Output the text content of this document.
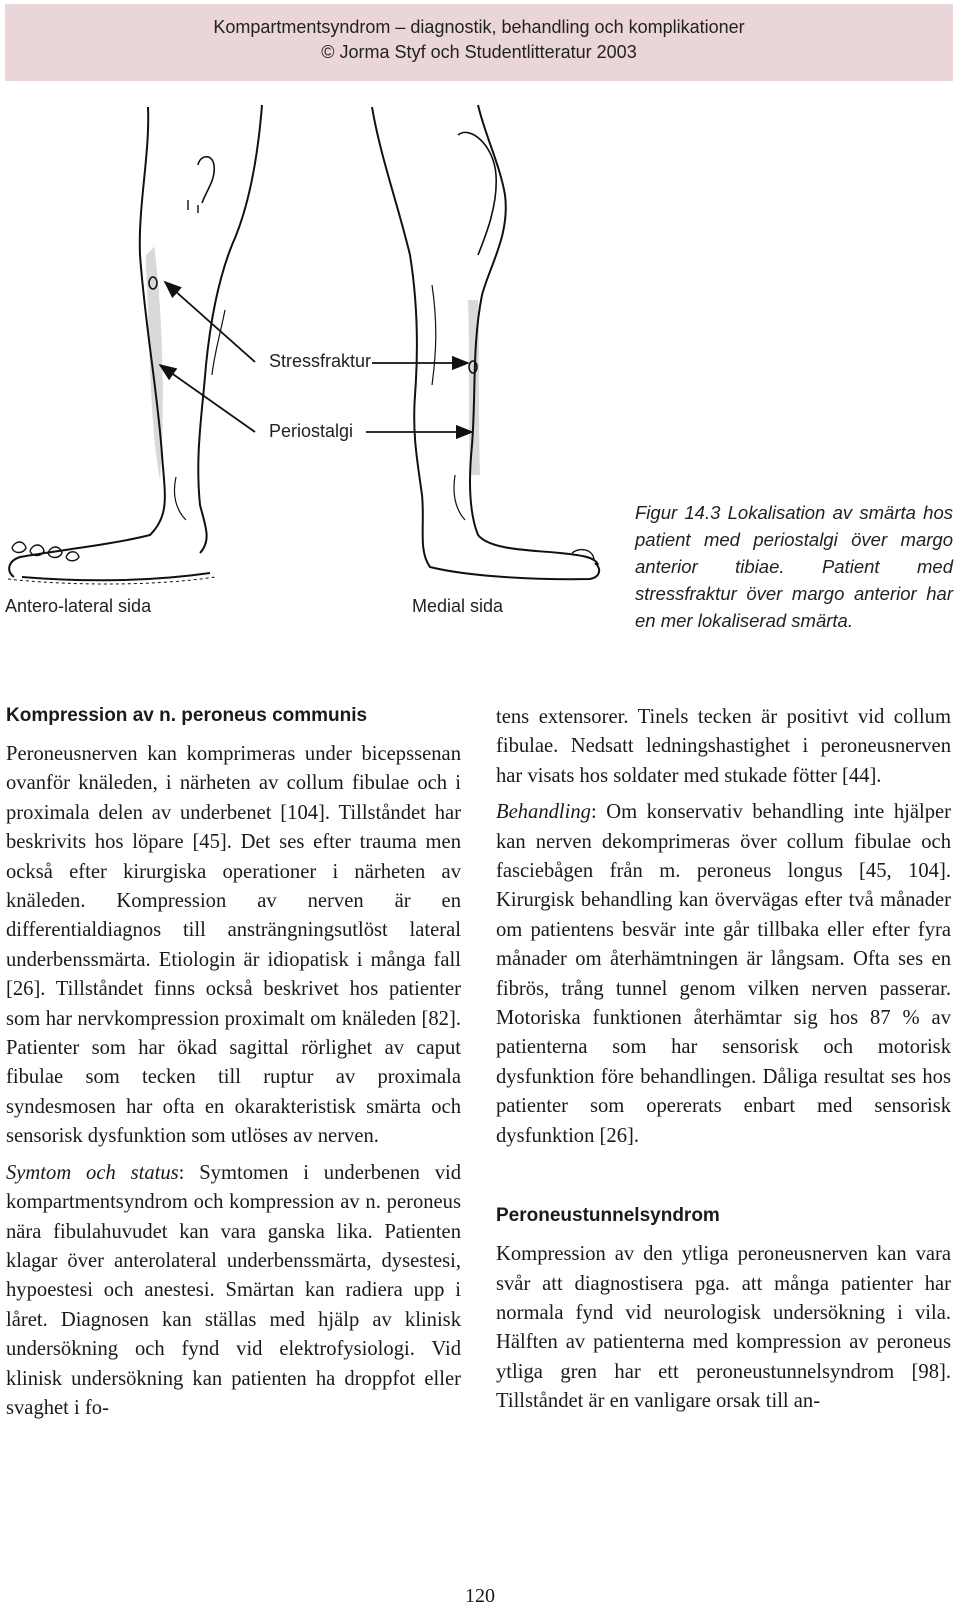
Kompartmentsyndrom – diagnostik, behandling och komplikationer
© Jorma Styf och Studentlitteratur 2003
Stressfraktur
Periostalgi
Antero-lateral sida	Medial sida
Figur 14.3 Lokalisation av smärta hos patient med periostalgi över margo anterior tibiae. Patient med stressfraktur över margo anterior har en mer lokaliserad smärta.
Kompression av n. peroneus communis

Peroneusnerven kan komprimeras under bicepssenan ovanför knäleden, i närheten av collum fibulae och i proximala delen av underbenet [104]. Tillståndet har beskrivits hos löpare [45]. Det ses efter trauma men också efter kirurgiska operationer i närheten av knäleden. Kompression av nerven är en differentialdiagnos till ansträngningsutlöst lateral underbenssmärta. Etiologin är idiopatisk i många fall [26]. Tillståndet finns också beskrivet hos patienter som har nervkompression proximalt om knäleden [82]. Patienter som har ökad sagittal rörlighet av caput fibulae som tecken till ruptur av proximala syndesmosen har ofta en okarakteristisk smärta och sensorisk dysfunktion som utlöses av nerven.

Symtom och status: Symtomen i underbenen vid kompartmentsyndrom och kompression av n. peroneus nära fibulahuvudet kan vara ganska lika. Patienten klagar över anterolateral underbenssmärta, dysestesi, hypoestesi och anestesi. Smärtan kan radiera upp i låret. Diagnosen kan ställas med hjälp av klinisk undersökning och fynd vid elektrofysiologi. Vid klinisk undersökning kan patienten ha droppfot eller svaghet i fo-

tens extensorer. Tinels tecken är positivt vid collum fibulae. Nedsatt ledningshastighet i peroneusnerven har visats hos soldater med stukade fötter [44].

Behandling: Om konservativ behandling inte hjälper kan nerven dekomprimeras över collum fibulae och fasciebågen från m. peroneus longus [45, 104]. Kirurgisk behandling kan övervägas efter två månader om patientens besvär inte går tillbaka eller efter fyra månader om återhämtningen är långsam. Ofta ses en fibrös, trång tunnel genom vilken nerven passerar. Motoriska funktionen återhämtar sig hos 87 % av patienterna som har sensorisk och motorisk dysfunktion före behandlingen. Dåliga resultat ses hos patienter som opererats enbart med sensorisk dysfunktion [26].

Peroneustunnelsyndrom

Kompression av den ytliga peroneusnerven kan vara svår att diagnostisera pga. att många patienter har normala fynd vid neurologisk undersökning i vila. Hälften av patienterna med kompression av peroneus ytliga gren har ett peroneustunnelsyndrom [98]. Tillståndet är en vanligare orsak till an-

120
